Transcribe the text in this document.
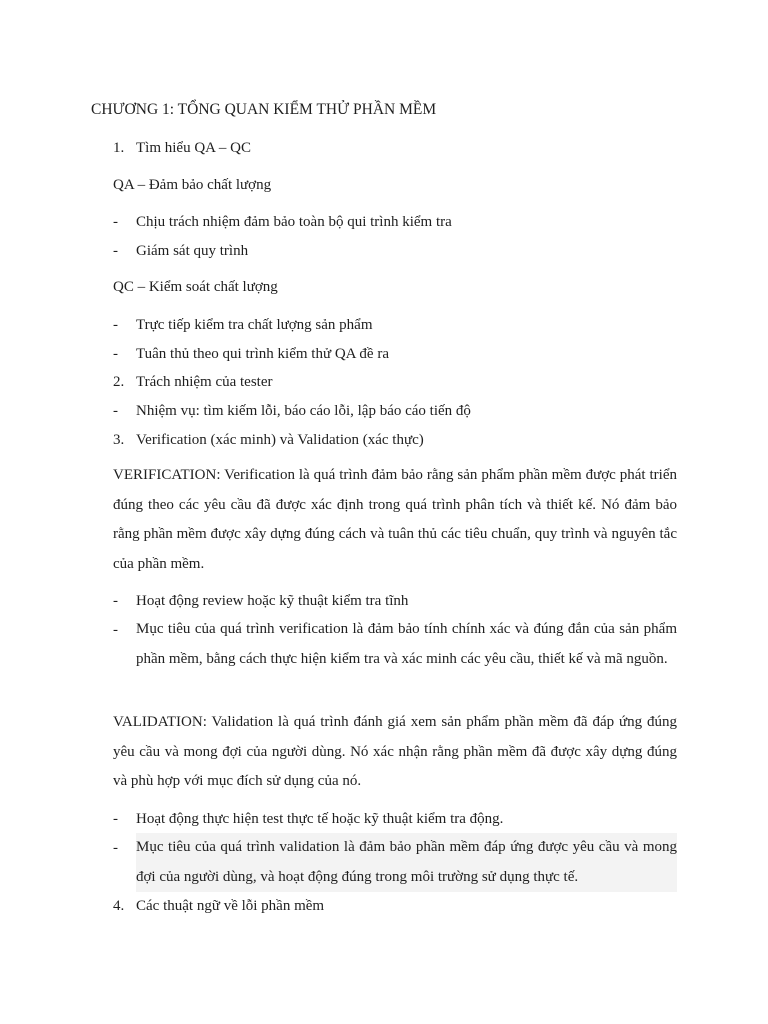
CHƯƠNG 1: TỔNG QUAN KIỂM THỬ PHẦN MỀM
1. Tìm hiểu QA – QC
QA – Đảm bảo chất lượng
- Chịu trách nhiệm đảm bảo toàn bộ qui trình kiểm tra
- Giám sát quy trình
QC – Kiểm soát chất lượng
- Trực tiếp kiểm tra chất lượng sản phẩm
- Tuân thủ theo qui trình kiểm thử QA đề ra
2. Trách nhiệm của tester
- Nhiệm vụ: tìm kiếm lỗi, báo cáo lỗi, lập báo cáo tiến độ
3. Verification (xác minh) và Validation (xác thực)
VERIFICATION: Verification là quá trình đảm bảo rằng sản phẩm phần mềm được phát triển đúng theo các yêu cầu đã được xác định trong quá trình phân tích và thiết kế. Nó đảm bảo rằng phần mềm được xây dựng đúng cách và tuân thủ các tiêu chuẩn, quy trình và nguyên tắc của phần mềm.
- Hoạt động review hoặc kỹ thuật kiểm tra tĩnh
- Mục tiêu của quá trình verification là đảm bảo tính chính xác và đúng đắn của sản phẩm phần mềm, bằng cách thực hiện kiểm tra và xác minh các yêu cầu, thiết kế và mã nguồn.
VALIDATION: Validation là quá trình đánh giá xem sản phẩm phần mềm đã đáp ứng đúng yêu cầu và mong đợi của người dùng. Nó xác nhận rằng phần mềm đã được xây dựng đúng và phù hợp với mục đích sử dụng của nó.
- Hoạt động thực hiện test thực tế hoặc kỹ thuật kiểm tra động.
- Mục tiêu của quá trình validation là đảm bảo phần mềm đáp ứng được yêu cầu và mong đợi của người dùng, và hoạt động đúng trong môi trường sử dụng thực tế.
4. Các thuật ngữ về lỗi phần mềm
